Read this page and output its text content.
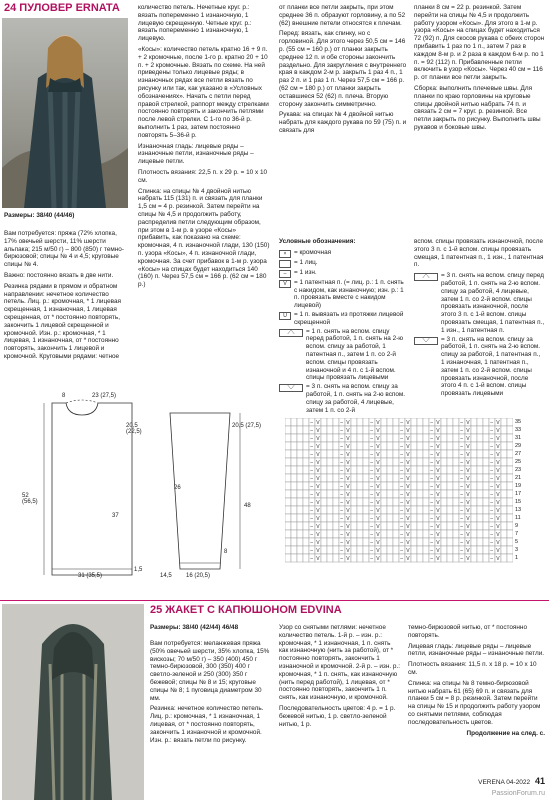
24 ПУЛОВЕР ERNATA

Размеры: 38/40 (44/46)

Вам потребуется: пряжа (72% хлопка, 17% овечьей шерсти, 11% шерсти альпака; 215 м/50 г) – 800 (850) г темно-бирюзовой; спицы № 4 и 4,5; круговые спицы № 4.

Важно: постоянно вязать в две нити.

Резинка рядами в прямом и обратном направлении: нечетное количество петель. Лиц. р.: кромочная, * 1 лицевая скрещенная, 1 изнаночная, 1 лицевая скрещенная, от * постоянно повторять, закончить 1 лицевой скрещенной и кромочной. Изн. р.: кромочная, * 1 лицевая, 1 изнаночная, от * постоянно повторять, закончить 1 лицевой и кромочной. Круговыми рядами: четное

количество петель. Нечетные круг. р.: вязать попеременно 1 изнаночную, 1 лицевую скрещенную. Четные круг. р.: вязать попеременно 1 изнаночную, 1 лицевую.

«Косы»: количество петель кратно 16 + 9 п. + 2 кромочные, после 1-го р. кратно 20 + 10 п. + 2 кромочные. Вязать по схеме. На ней приведены только лицевые ряды; в изнаночных рядах все петли вязать по рисунку или так, как указано в «Условных обозначениях». Начать с петли перед правой стрелкой, раппорт между стрелками постоянно повторять и закончить петлями после левой стрелки. С 1-го по 36-й р. выполнить 1 раз, затем постоянно повторять 5–36-й р.

Изнаночная гладь: лицевые ряды – изнаночные петли, изнаночные ряды – лицевые петли.

Плотность вязания: 22,5 п. x 29 р. = 10 x 10 см.

Спинка: на спицы № 4 двойной нитью набрать 115 (131) п. и связать для планки 1,5 см = 4 р. резинкой. Затем перейти на спицы № 4,5 и продолжить работу, распределив петли следующим образом, при этом в 1-м р. в узоре «Косы» прибавить, как показано на схеме: кромочная, 4 п. изнаночной глади, 130 (150) п. узора «Косы», 4 п. изнаночной глади, кромочная. За счет прибавок в 1-м р. узора «Косы» на спицах будет находиться 140 (160) п. Через 57,5 см = 166 р. (62 см = 180 р.)

от планки все петли закрыть, при этом среднее 36 п. образуют горловину, а по 52 (62) внешние петели относятся к плечам.

Перед: вязать, как спинку, но с горловиной. Для этого через 50,5 см = 146 р. (55 см = 160 р.) от планки закрыть среднее 12 п. и обе стороны закончить раздельно. Для закругления с внутреннего края в каждом 2-м р. закрыть 1 раз 4 п., 1 раз 2 п. и 1 раз 1 п. Через 57,5 см = 166 р. (62 см = 180 р.) от планки закрыть оставшиеся 52 (62) п. плеча. Вторую сторону закончить симметрично.

Рукава: на спицах № 4 двойной нитью набрать для каждого рукава по 59 (75) п. и связать для

планки 8 см = 22 р. резинкой. Затем перейти на спицы № 4,5 и продолжить работу узором «Косы». Для этого в 1-м р. узора «Косы» на спицах будет находиться 72 (92) п. Для скосов рукава с обеих сторон прибавить 1 раз по 1 п., затем 7 раз в каждом 8-м р. и 2 раза в каждом 6-м р. по 1 п. = 92 (112) п. Прибавленные петли включить в узор «Косы». Через 40 см = 116 р. от планки все петли закрыть.

Сборка: выполнить плечевые швы. Для планки по краю горловины на круговые спицы двойной нитью набрать 74 п. и связать 2 см = 7 круг. р. резинкой. Все петли закрыть по рисунку. Выполнить швы рукавов и боковые швы.

Условные обозначения:

×	= кромочная
= 1 лиц.
–	= 1 изн.
V	= 1 патентная п. (= лиц. р.: 1 п. снять с накидом, как изнаночную; изн. р.: 1 п. провязать вместе с накидом лицевой)
U	= 1 п. вывязать из протяжки лицевой скрещенной
⟋⟍	= 1 п. снять на вспом. спицу перед работой, 1 п. снять на 2-ю вспом. спицу за работой, 1 патентная п., затем 1 п. со 2-й вспом. спицы провязать изнаночной и 4 п. с 1-й вспом. спицы провязать лицевыми
⟍⟋	= 3 п. снять на вспом. спицу за работой, 1 п. снять на 2-ю вспом. спицу за работой, 4 лицевые, затем 1 п. со 2-й

вспом. спицы провязать изнаночной, после этого 3 п. с 1-й вспом. спицы провязать смещая, 1 патентная п., 1 изн., 1 патентная п.

⟋⟍	= 3 п. снять на вспом. спицу перед работой, 1 п. снять на 2-ю вспом. спицу за работой, 4 лицевые, затем 1 п. со 2-й вспом. спицы провязать изнаночной, после этого 3 п. с 1-й вспом. спицы провязать смещая, 1 патентная п., 1 изн., 1 патентная п.
⟍⟋	= 3 п. снять на вспом. спицу за работой, 1 п. снять на 2-ю вспом. спицу за работой, 1 патентная п., 1 изнаночная, 1 патентная п., затем 1 п. со 2-й вспом. спицы провязать изнаночной, после этого 4 п. с 1-й вспом. спицы провязать лицевыми
8	23 (27,5)
20,5 (22,5)
52 (56,5)
37
31 (35,5)
1,5
26
48
20,5 (27,5)
8
16 (20,5)
14,5
– V	– V	– V	– V	– V	– V	– V
– V	– V	– V	– V	– V	– V	– V
– V	– V	– V	– V	– V	– V	– V
– V	– V	– V	– V	– V	– V	– V
– V	– V	– V	– V	– V	– V	– V
– V	– V	– V	– V	– V	– V	– V
– V	– V	– V	– V	– V	– V	– V
– V	– V	– V	– V	– V	– V	– V
– V	– V	– V	– V	– V	– V	– V
– V	– V	– V	– V	– V	– V	– V
– V	– V	– V	– V	– V	– V	– V
– V	– V	– V	– V	– V	– V	– V
– V	– V	– V	– V	– V	– V	– V
– V	– V	– V	– V	– V	– V	– V
– V	– V	– V	– V	– V	– V	– V
– V	– V	– V	– V	– V	– V	– V
– V	– V	– V	– V	– V	– V	– V
– V	– V	– V	– V	– V	– V	– V
35
33
31
29
27
25
23
21
19
17
15
13
11
9
7
5
3
1
25 ЖАКЕТ С КАПЮШОНОМ EDVINA

Размеры: 38/40 (42/44) 46/48

Вам потребуется: меланжевая пряжа (50% овечьей шерсти, 35% хлопка, 15% вискозы; 70 м/50 г) – 350 (400) 450 г темно-бирюзовой, 300 (350) 400 г светло-зеленой и 250 (300) 350 г бежевой; спицы № 8 и 15; круговые спицы № 8; 1 пуговица диаметром 30 мм.

Резинка: нечетное количество петель. Лиц. р.: кромочная, * 1 изнаночная, 1 лицевая, от * постоянно повторять, закончить 1 изнаночной и кромочной. Изн. р.: вязать петли по рисунку.

Узор со снятыми петлями: нечетное количество петель. 1-й р. – изн. р.: кромочная, * 1 изнаночная, 1 п. снять как изнаночную (нить за работой), от * постоянно повторять, закончить 1 изнаночной и кромочной. 2-й р. – изн. р.: кромочная, * 1 п. снять, как изнаночную (нить перед работой), 1 лицевая, от * постоянно повторять, закончить 1 п. снять, как изнаночную, и кромочной.

Последовательность цветов: 4 р. = 1 р. бежевой нитью, 1 р. светло-зеленой нитью, 1 р.

темно-бирюзовой нитью, от * постоянно повторять.

Лицевая гладь: лицевые ряды – лицевые петли, изнаночные ряды – изнаночные петли.

Плотность вязания: 11,5 п. x 18 р. = 10 x 10 см.

Спинка: на спицы № 8 темно-бирюзовой нитью набрать 61 (65) 69 п. и связать для планки 5 см = 8 р. резинкой. Затем перейти на спицы № 15 и продолжить работу узором со снятыми петлями, соблюдая последовательность цветов.

Продолжение на след. с.

VERENA 04-2022 41
PassionForum.ru
